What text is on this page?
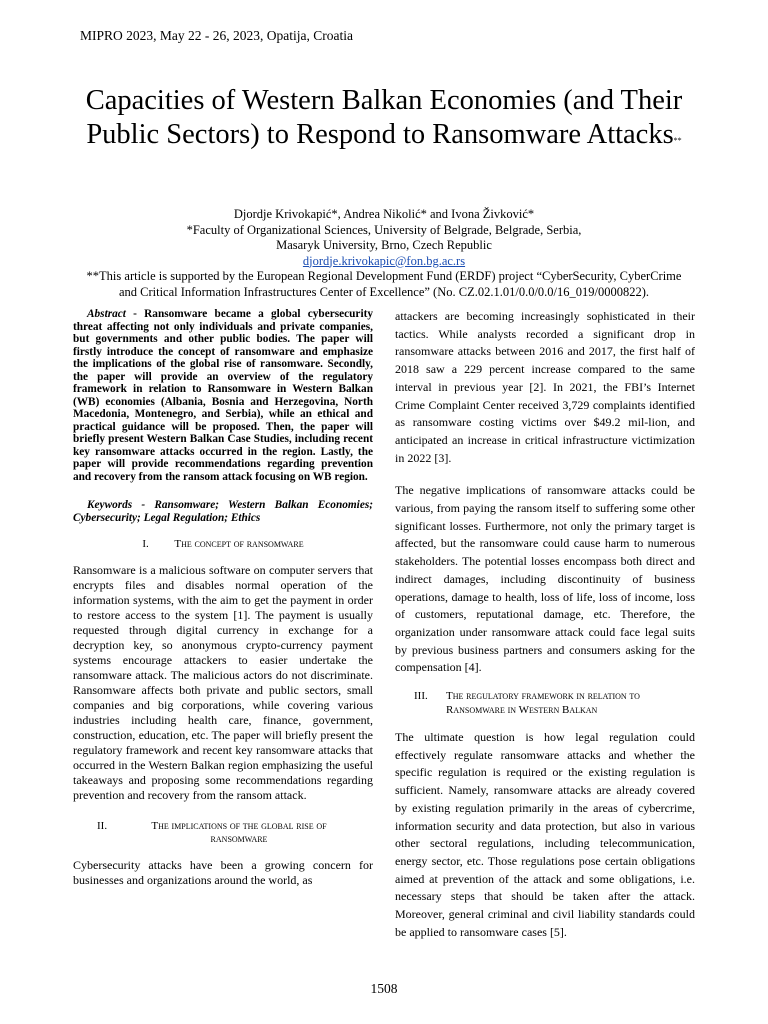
MIPRO 2023, May 22 - 26, 2023, Opatija, Croatia
Capacities of Western Balkan Economies (and Their Public Sectors) to Respond to Ransomware Attacks**
Djordje Krivokapić*, Andrea Nikolić* and Ivona Živković*
*Faculty of Organizational Sciences, University of Belgrade, Belgrade, Serbia,
Masaryk University, Brno, Czech Republic
djordje.krivokapic@fon.bg.ac.rs
**This article is supported by the European Regional Development Fund (ERDF) project “CyberSecurity, CyberCrime
and Critical Information Infrastructures Center of Excellence” (No. CZ.02.1.01/0.0/0.0/16_019/0000822).

Abstract - Ransomware became a global cybersecurity threat affecting not only individuals and private companies, but governments and other public bodies. The paper will firstly introduce the concept of ransomware and emphasize the implications of the global rise of ransomware. Secondly, the paper will provide an overview of the regulatory framework in relation to Ransomware in Western Balkan (WB) economies (Albania, Bosnia and Herzegovina, North Macedonia, Montenegro, and Serbia), while an ethical and practical guidance will be proposed. Then, the paper will briefly present Western Balkan Case Studies, including recent key ransomware attacks occurred in the region. Lastly, the paper will provide recommendations regarding prevention and recovery from the ransom attack focusing on WB region.

Keywords - Ransomware; Western Balkan Economies; Cybersecurity; Legal Regulation; Ethics

I.	The concept of ransomware

Ransomware is a malicious software on computer servers that encrypts files and disables normal operation of the information systems, with the aim to get the payment in order to restore access to the system [1]. The payment is usually requested through digital currency in exchange for a decryption key, so anonymous crypto-currency payment systems encourage attackers to easier undertake the ransomware attack. The malicious actors do not discriminate. Ransomware affects both private and public sectors, small companies and big corporations, while covering various industries including health care, finance, government, construction, education, etc. The paper will briefly present the regulatory framework and recent key ransomware attacks that occurred in the Western Balkan region emphasizing the useful takeaways and proposing some recommendations regarding prevention and recovery from the ransom attack.

II.	The implications of the global rise of ransomware

Cybersecurity attacks have been a growing concern for businesses and organizations around the world, as

attackers are becoming increasingly sophisticated in their tactics. While analysts recorded a significant drop in ransomware attacks between 2016 and 2017, the first half of 2018 saw a 229 percent increase compared to the same interval in previous year [2]. In 2021, the FBI’s Internet Crime Complaint Center received 3,729 complaints identified as ransomware costing victims over $49.2 mil-lion, and anticipated an increase in critical infrastructure victimization in 2022 [3].

The negative implications of ransomware attacks could be various, from paying the ransom itself to suffering some other significant losses. Furthermore, not only the primary target is affected, but the ransomware could cause harm to numerous stakeholders. The potential losses encompass both direct and indirect damages, including discontinuity of business operations, damage to health, loss of life, loss of income, loss of customers, reputational damage, etc. Therefore, the organization under ransomware attack could face legal suits by previous business partners and consumers asking for the compensation [4].

III.	The regulatory framework in relation to Ransomware in Western Balkan

The ultimate question is how legal regulation could effectively regulate ransomware attacks and whether the specific regulation is required or the existing regulation is sufficient. Namely, ransomware attacks are already covered by existing regulation primarily in the areas of cybercrime, information security and data protection, but also in various other sectoral regulations, including telecommunication, energy sector, etc. Those regulations pose certain obligations aimed at prevention of the attack and some obligations, i.e. necessary steps that should be taken after the attack. Moreover, general criminal and civil liability standards could be applied to ransomware cases [5].

1508
